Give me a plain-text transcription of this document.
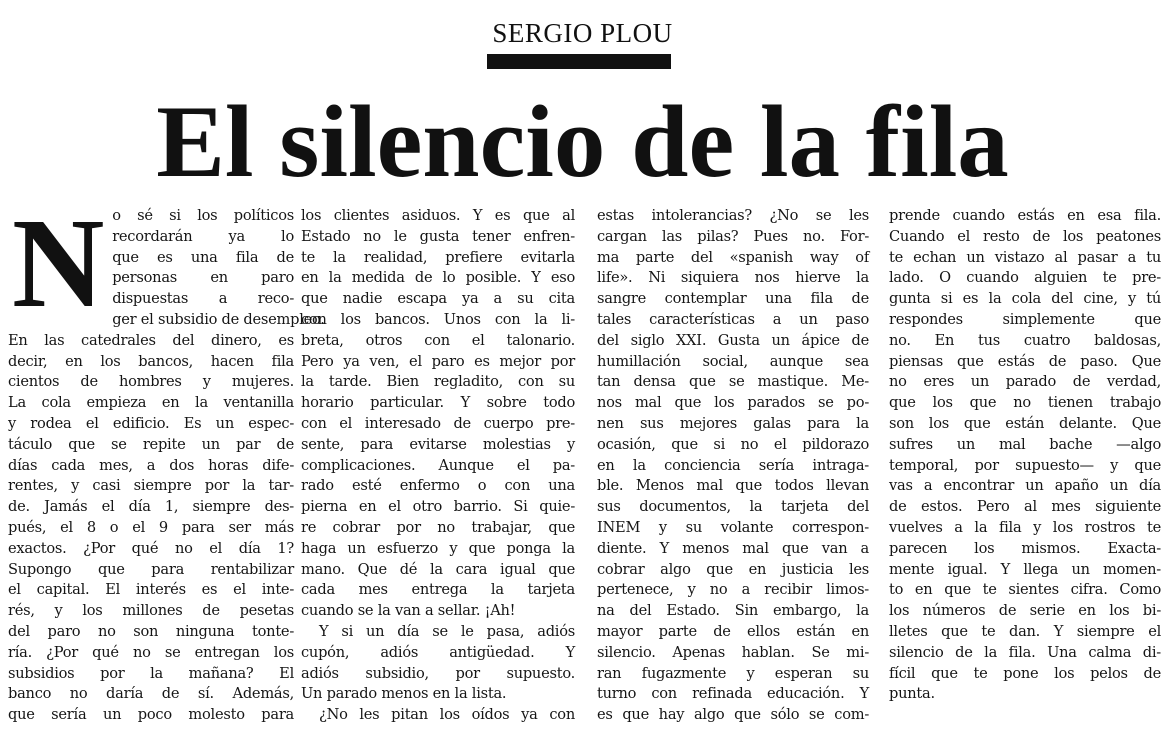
SERGIO PLOU
El silencio de la fila
N o sé si los políticos
recordarán ya lo
que es una fila de
personas en paro
dispuestas a reco-
ger el subsidio de desempleo.
En las catedrales del dinero, es
decir, en los bancos, hacen fila
cientos de hombres y mujeres.
La cola empieza en la ventanilla
y rodea el edificio. Es un espec-
táculo que se repite un par de
días cada mes, a dos horas dife-
rentes, y casi siempre por la tar-
de. Jamás el día 1, siempre des-
pués, el 8 o el 9 para ser más
exactos. ¿Por qué no el día 1?
Supongo que para rentabilizar
el capital. El interés es el inte-
rés, y los millones de pesetas
del paro no son ninguna tonte-
ría. ¿Por qué no se entregan los
subsidios por la mañana? El
banco no daría de sí. Además,
que sería un poco molesto para
los clientes asiduos. Y es que al
Estado no le gusta tener enfren-
te la realidad, prefiere evitarla
en la medida de lo posible. Y eso
que nadie escapa ya a su cita
con los bancos. Unos con la li-
breta, otros con el talonario.
Pero ya ven, el paro es mejor por
la tarde. Bien regladito, con su
horario particular. Y sobre todo
con el interesado de cuerpo pre-
sente, para evitarse molestias y
complicaciones. Aunque el pa-
rado esté enfermo o con una
pierna en el otro barrio. Si quie-
re cobrar por no trabajar, que
haga un esfuerzo y que ponga la
mano. Que dé la cara igual que
cada mes entrega la tarjeta
cuando se la van a sellar. ¡Ah!
Y si un día se le pasa, adiós
cupón, adiós antigüedad. Y
adiós subsidio, por supuesto.
Un parado menos en la lista.
¿No les pitan los oídos ya con
estas intolerancias? ¿No se les
cargan las pilas? Pues no. For-
ma parte del «spanish way of
life». Ni siquiera nos hierve la
sangre contemplar una fila de
tales características a un paso
del siglo XXI. Gusta un ápice de
humillación social, aunque sea
tan densa que se mastique. Me-
nos mal que los parados se po-
nen sus mejores galas para la
ocasión, que si no el pildorazo
en la conciencia sería intraga-
ble. Menos mal que todos llevan
sus documentos, la tarjeta del
INEM y su volante correspon-
diente. Y menos mal que van a
cobrar algo que en justicia les
pertenece, y no a recibir limos-
na del Estado. Sin embargo, la
mayor parte de ellos están en
silencio. Apenas hablan. Se mi-
ran fugazmente y esperan su
turno con refinada educación. Y
es que hay algo que sólo se com-
prende cuando estás en esa fila.
Cuando el resto de los peatones
te echan un vistazo al pasar a tu
lado. O cuando alguien te pre-
gunta si es la cola del cine, y tú
respondes simplemente que
no. En tus cuatro baldosas,
piensas que estás de paso. Que
no eres un parado de verdad,
que los que no tienen trabajo
son los que están delante. Que
sufres un mal bache —algo
temporal, por supuesto— y que
vas a encontrar un apaño un día
de estos. Pero al mes siguiente
vuelves a la fila y los rostros te
parecen los mismos. Exacta-
mente igual. Y llega un momen-
to en que te sientes cifra. Como
los números de serie en los bi-
lletes que te dan. Y siempre el
silencio de la fila. Una calma di-
fícil que te pone los pelos de
punta.
